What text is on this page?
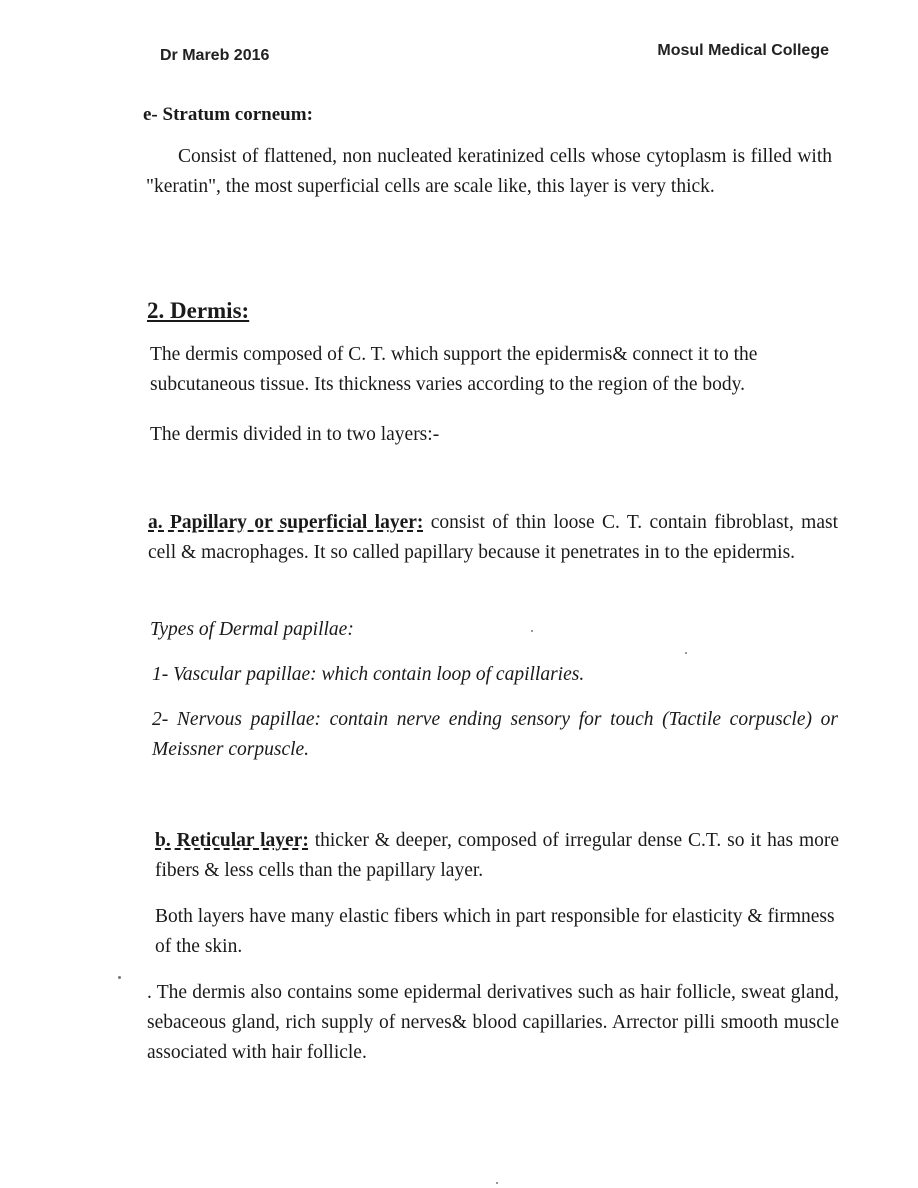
Dr Mareb 2016	Mosul Medical College
e- Stratum corneum:

Consist of flattened, non nucleated keratinized cells whose cytoplasm is filled with "keratin", the most superficial cells are scale like, this layer is very thick.

2. Dermis:

The dermis composed of C. T. which support the epidermis& connect it to the subcutaneous tissue. Its thickness varies according to the region of the body.

The dermis divided in to two layers:-

a. Papillary or superficial layer: consist of thin loose C. T. contain fibroblast, mast cell & macrophages. It so called papillary because it penetrates in to the epidermis.

Types of Dermal papillae:

1- Vascular papillae: which contain loop of capillaries.

2- Nervous papillae: contain nerve ending sensory for touch (Tactile corpuscle) or Meissner corpuscle.

b. Reticular layer: thicker & deeper, composed of irregular dense C.T. so it has more fibers & less cells than the papillary layer.

Both layers have many elastic fibers which in part responsible for elasticity & firmness of the skin.

. The dermis also contains some epidermal derivatives such as hair follicle, sweat gland, sebaceous gland, rich supply of nerves& blood capillaries. Arrector pilli smooth muscle associated with hair follicle.
